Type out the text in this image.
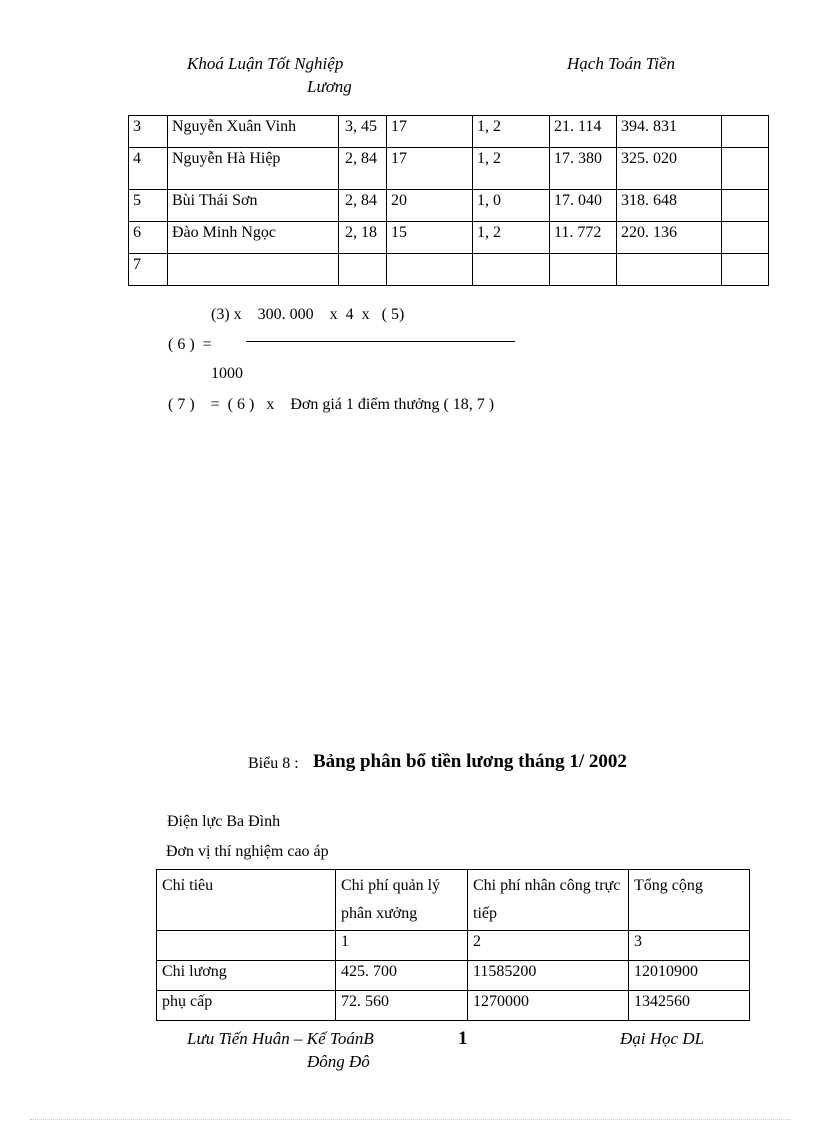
Khoá Luận Tốt Nghiệp
Lương
Hạch Toán Tiền
3	Nguyễn Xuân Vinh	3, 45	17	1, 2	21. 114	394. 831	
4	Nguyễn Hà Hiệp	2, 84	17	1, 2	17. 380	325. 020	
5	Bùi Thái Sơn	2, 84	20	1, 0	17. 040	318. 648	
6	Đào Minh Ngọc	2, 18	15	1, 2	11. 772	220. 136	
7							
(3) x    300. 000    x  4  x   ( 5)
( 6 )  =
1000
( 7 )    =  ( 6 )   x    Đơn giá 1 điểm thưởng ( 18, 7 )
Biểu 8 : Bảng phân bổ tiền lương tháng 1/ 2002
Điện lực Ba Đình
Đơn vị thí nghiệm cao áp
Chỉ tiêu	Chi phí quản lý phân xưởng	Chi phí nhân công trực tiếp	Tổng cộng
	1	2	3
Chi lương	425. 700	11585200	12010900
phụ cấp	72. 560	1270000	1342560
Lưu Tiến Huân – Kế ToánB
Đông Đô
1	Đại Học DL
